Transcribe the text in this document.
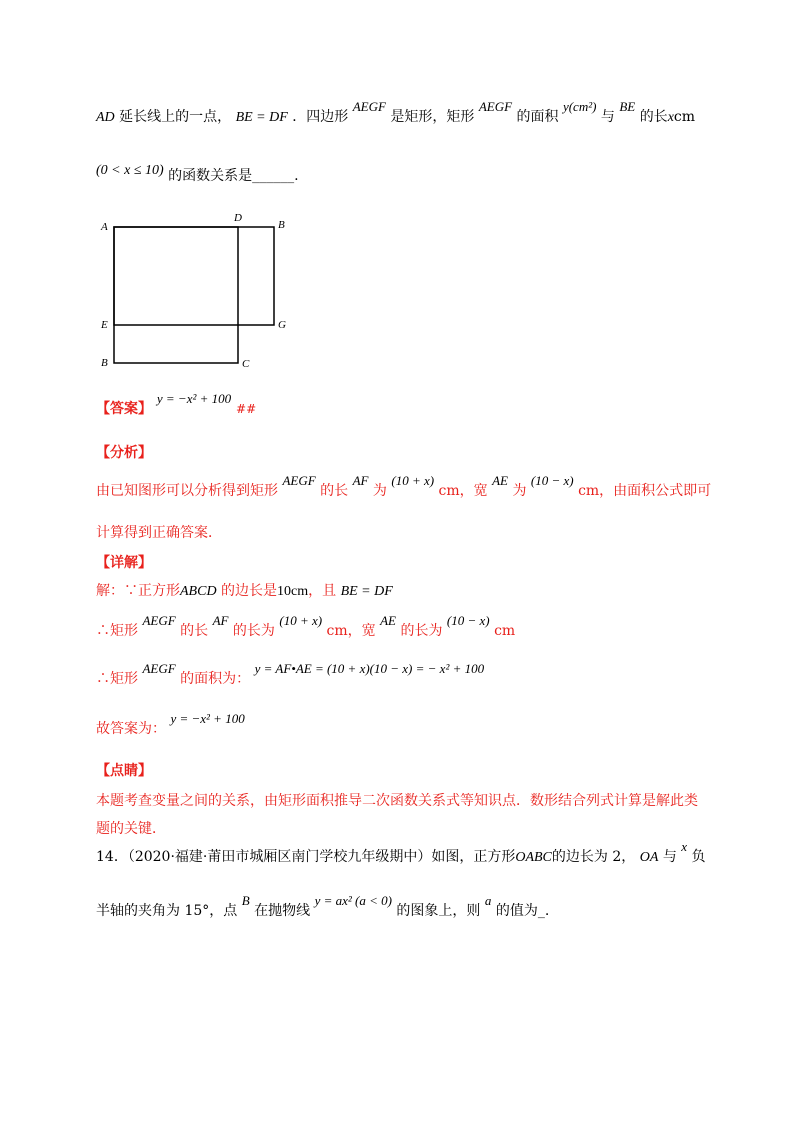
AD 延长线上的一点， BE = DF ．四边形 AEGF 是矩形，矩形 AEGF 的面积 y(cm²) 与 BE 的长xcm
(0 < x ≤ 10) 的函数关系是______.
A
D
B
E	G
B	C
【答案】 y = −x² + 100 ##
【分析】
由已知图形可以分析得到矩形 AEGF 的长 AF 为 (10 + x) cm，宽 AE 为 (10 − x) cm，由面积公式即可
计算得到正确答案．
【详解】
解：∵正方形ABCD 的边长是10cm，且 BE = DF
∴矩形 AEGF 的长 AF 的长为 (10 + x) cm，宽 AE 的长为 (10 − x) cm
∴矩形 AEGF 的面积为： y = AF•AE = (10 + x)(10 − x) = − x² + 100
故答案为： y = −x² + 100
【点睛】
本题考查变量之间的关系，由矩形面积推导二次函数关系式等知识点．数形结合列式计算是解此类
题的关键．
14．（2020·福建·莆田市城厢区南门学校九年级期中）如图，正方形OABC的边长为 2， OA 与 x 负
半轴的夹角为 15°，点 B 在抛物线 y = ax² (a < 0) 的图象上，则 a 的值为_.
